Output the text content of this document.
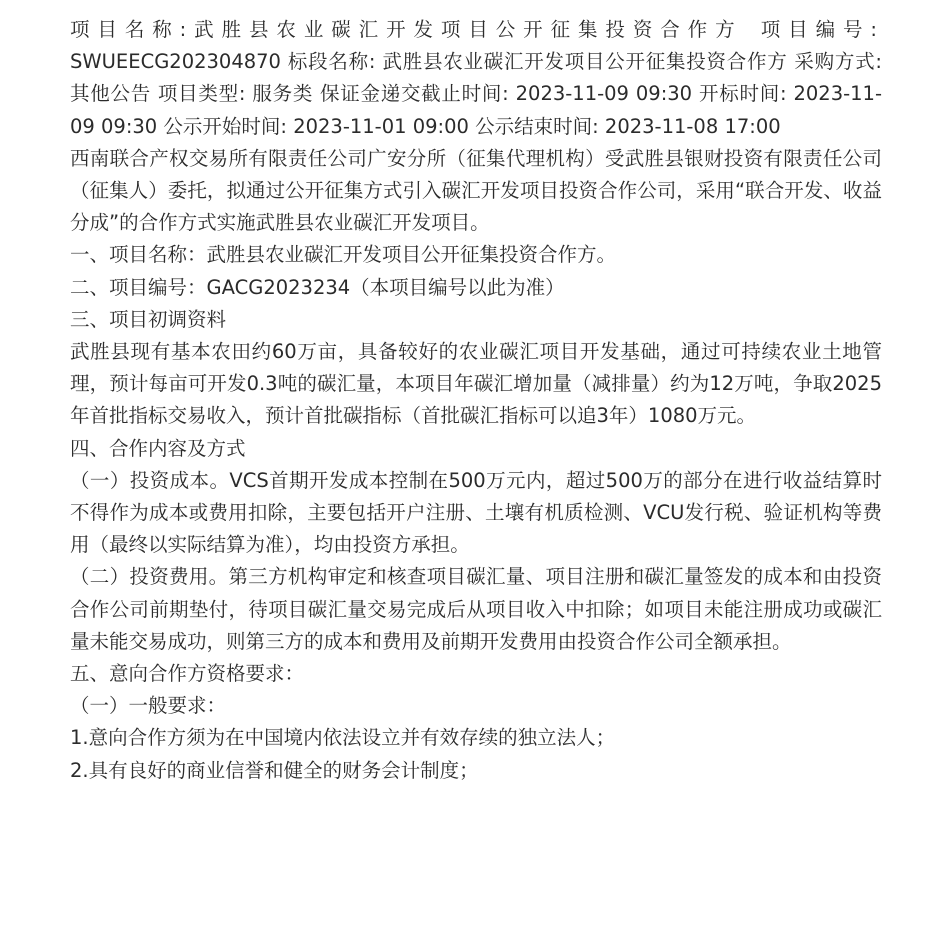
项目名称:武胜县农业碳汇开发项目公开征集投资合作方 项目编号: SWUEECG202304870 标段名称: 武胜县农业碳汇开发项目公开征集投资合作方 采购方式: 其他公告 项目类型: 服务类 保证金递交截止时间: 2023-11-09 09:30 开标时间: 2023-11-09 09:30 公示开始时间: 2023-11-01 09:00 公示结束时间: 2023-11-08 17:00

西南联合产权交易所有限责任公司广安分所（征集代理机构）受武胜县银财投资有限责任公司（征集人）委托，拟通过公开征集方式引入碳汇开发项目投资合作公司，采用“联合开发、收益分成”的合作方式实施武胜县农业碳汇开发项目。

一、项目名称：武胜县农业碳汇开发项目公开征集投资合作方。

二、项目编号：GACG2023234（本项目编号以此为准）

三、项目初调资料

武胜县现有基本农田约60万亩，具备较好的农业碳汇项目开发基础，通过可持续农业土地管理，预计每亩可开发0.3吨的碳汇量，本项目年碳汇增加量（减排量）约为12万吨，争取2025年首批指标交易收入，预计首批碳指标（首批碳汇指标可以追3年）1080万元。

四、合作内容及方式

（一）投资成本。VCS首期开发成本控制在500万元内，超过500万的部分在进行收益结算时不得作为成本或费用扣除，主要包括开户注册、土壤有机质检测、VCU发行税、验证机构等费用（最终以实际结算为准），均由投资方承担。

（二）投资费用。第三方机构审定和核查项目碳汇量、项目注册和碳汇量签发的成本和由投资合作公司前期垫付，待项目碳汇量交易完成后从项目收入中扣除；如项目未能注册成功或碳汇量未能交易成功，则第三方的成本和费用及前期开发费用由投资合作公司全额承担。

五、意向合作方资格要求：

（一）一般要求：

1.意向合作方须为在中国境内依法设立并有效存续的独立法人；

2.具有良好的商业信誉和健全的财务会计制度；
